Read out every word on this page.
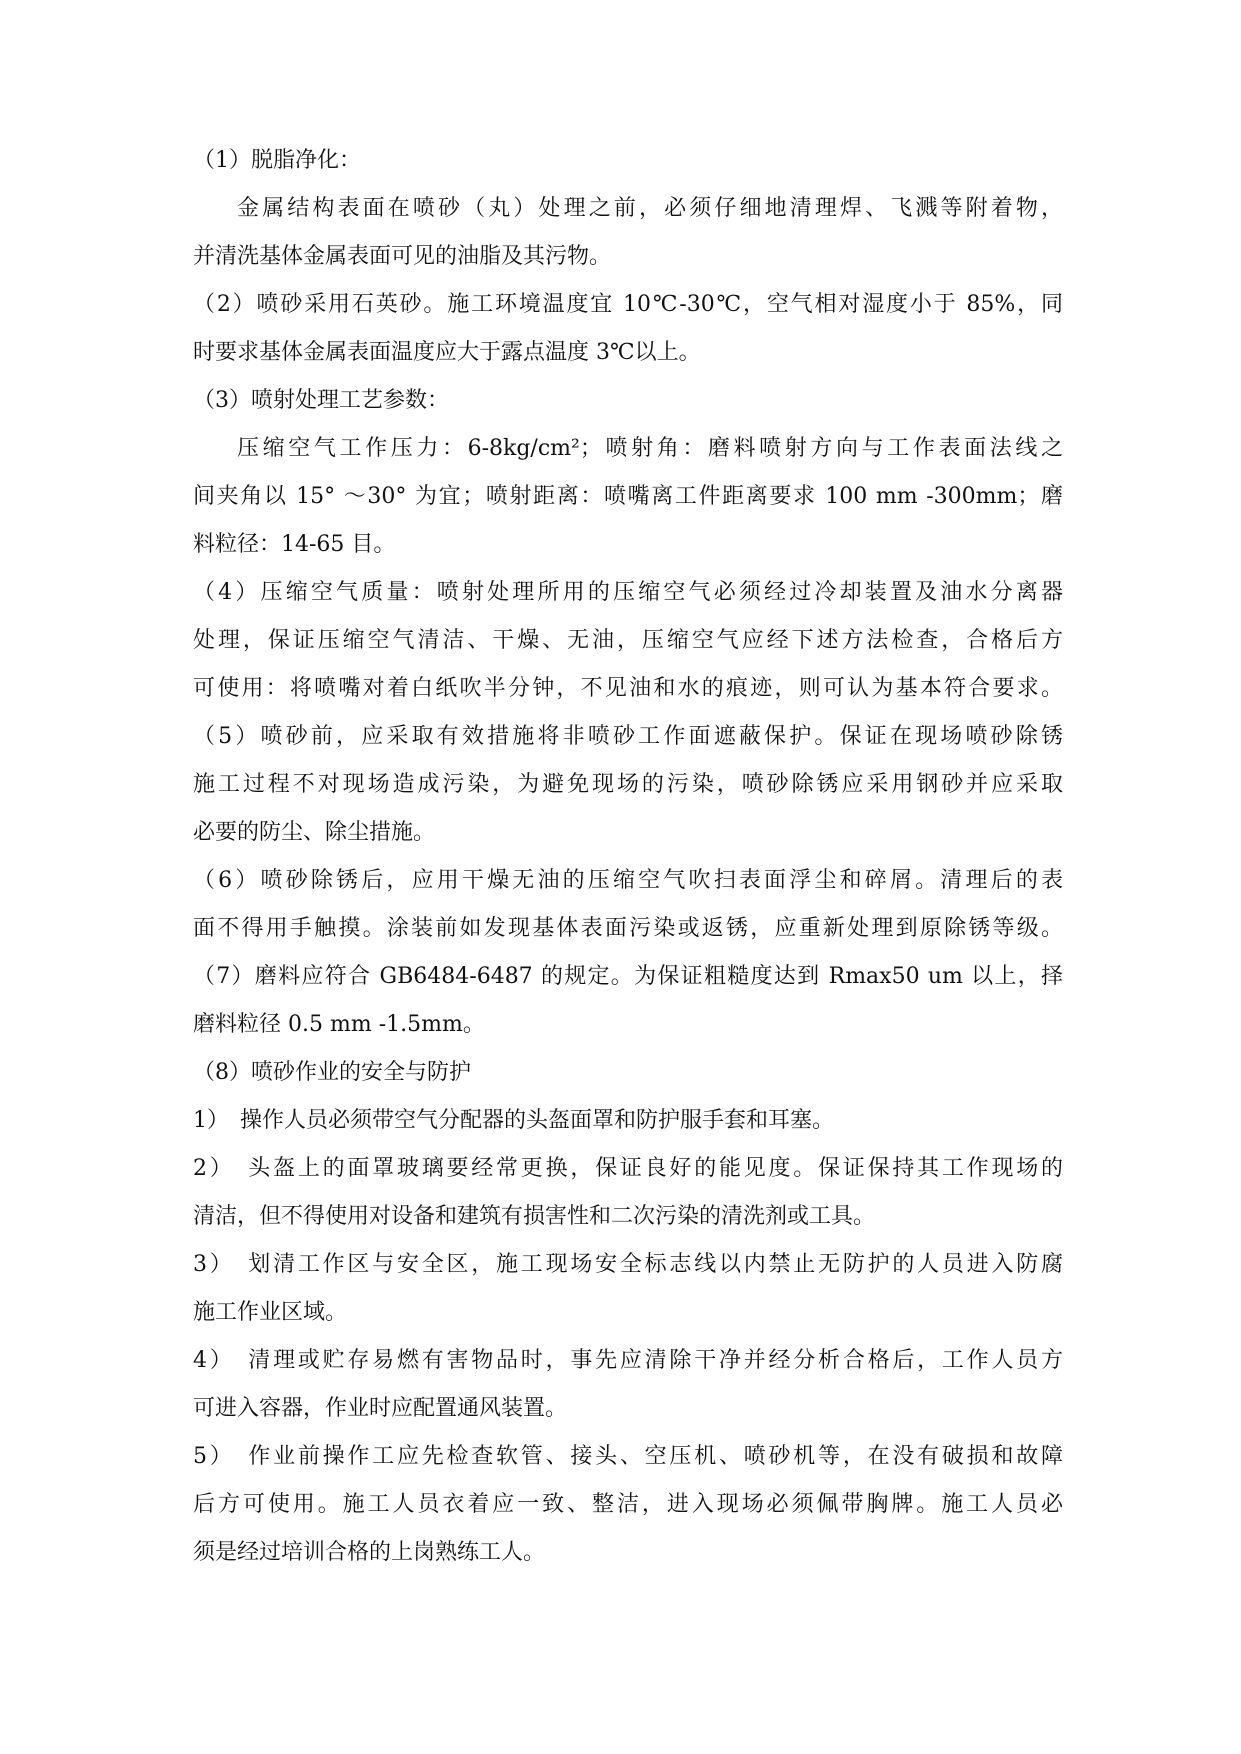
（1）脱脂净化：
金属结构表面在喷砂（丸）处理之前，必须仔细地清理焊、飞溅等附着物，
并清洗基体金属表面可见的油脂及其污物。
（2）喷砂采用石英砂。施工环境温度宜 10℃-30℃，空气相对湿度小于 85%，同
时要求基体金属表面温度应大于露点温度 3℃以上。
（3）喷射处理工艺参数：
压缩空气工作压力：6-8kg/cm²；喷射角：磨料喷射方向与工作表面法线之
间夹角以 15° ～30° 为宜；喷射距离：喷嘴离工件距离要求 100 mm -300mm；磨
料粒径：14-65 目。
（4）压缩空气质量：喷射处理所用的压缩空气必须经过冷却装置及油水分离器
处理，保证压缩空气清洁、干燥、无油，压缩空气应经下述方法检查，合格后方
可使用：将喷嘴对着白纸吹半分钟，不见油和水的痕迹，则可认为基本符合要求。
（5）喷砂前，应采取有效措施将非喷砂工作面遮蔽保护。保证在现场喷砂除锈
施工过程不对现场造成污染，为避免现场的污染，喷砂除锈应采用钢砂并应采取
必要的防尘、除尘措施。
（6）喷砂除锈后，应用干燥无油的压缩空气吹扫表面浮尘和碎屑。清理后的表
面不得用手触摸。涂装前如发现基体表面污染或返锈，应重新处理到原除锈等级。
（7）磨料应符合 GB6484-6487 的规定。为保证粗糙度达到 Rmax50 um 以上，择
磨料粒径 0.5 mm -1.5mm。
（8）喷砂作业的安全与防护
1）　操作人员必须带空气分配器的头盔面罩和防护服手套和耳塞。
2）　头盔上的面罩玻璃要经常更换，保证良好的能见度。保证保持其工作现场的
清洁，但不得使用对设备和建筑有损害性和二次污染的清洗剂或工具。
3）　划清工作区与安全区，施工现场安全标志线以内禁止无防护的人员进入防腐
施工作业区域。
4）　清理或贮存易燃有害物品时，事先应清除干净并经分析合格后，工作人员方
可进入容器，作业时应配置通风装置。
5）　作业前操作工应先检查软管、接头、空压机、喷砂机等，在没有破损和故障
后方可使用。施工人员衣着应一致、整洁，进入现场必须佩带胸牌。施工人员必
须是经过培训合格的上岗熟练工人。
